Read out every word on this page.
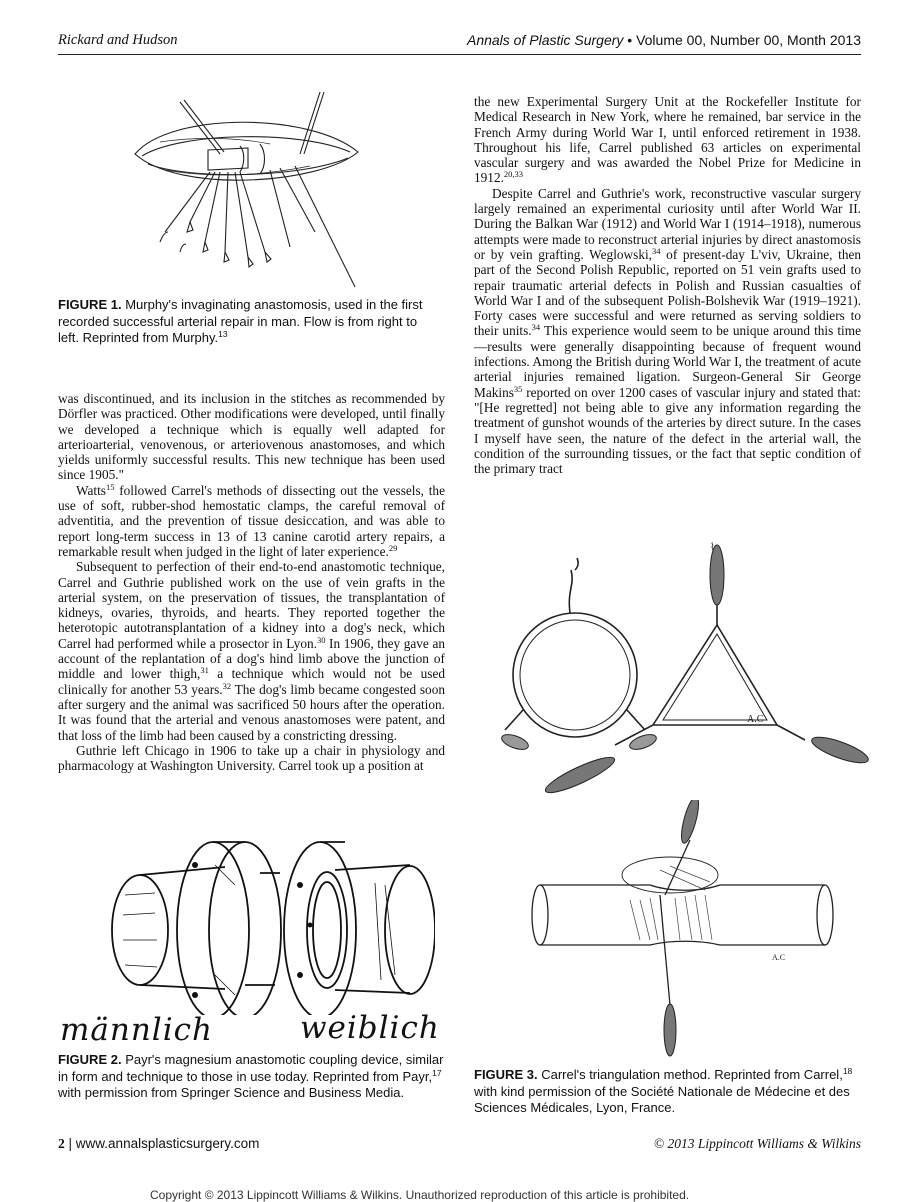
Rickard and Hudson	Annals of Plastic Surgery • Volume 00, Number 00, Month 2013
FIGURE 1. Murphy's invaginating anastomosis, used in the first recorded successful arterial repair in man. Flow is from right to left. Reprinted from Murphy.$^{13}$

was discontinued, and its inclusion in the stitches as recommended by Dörfler was practiced. Other modifications were developed, until finally we developed a technique which is equally well adapted for arterioarterial, venovenous, or arteriovenous anastomoses, and which yields uniformly successful results. This new technique has been used since 1905."

Watts$^{15}$ followed Carrel's methods of dissecting out the vessels, the use of soft, rubber-shod hemostatic clamps, the careful removal of adventitia, and the prevention of tissue desiccation, and was able to report long-term success in 13 of 13 canine carotid artery repairs, a remarkable result when judged in the light of later experience.$^{29}$

Subsequent to perfection of their end-to-end anastomotic technique, Carrel and Guthrie published work on the use of vein grafts in the arterial system, on the preservation of tissues, the transplantation of kidneys, ovaries, thyroids, and hearts. They reported together the heterotopic autotransplantation of a kidney into a dog's neck, which Carrel had performed while a prosector in Lyon.$^{30}$ In 1906, they gave an account of the replantation of a dog's hind limb above the junction of middle and lower thigh,$^{31}$ a technique which would not be used clinically for another 53 years.$^{32}$ The dog's limb became congested soon after surgery and the animal was sacrificed 50 hours after the operation. It was found that the arterial and venous anastomoses were patent, and that loss of the limb had been caused by a constricting dressing.

Guthrie left Chicago in 1906 to take up a chair in physiology and pharmacology at Washington University. Carrel took up a position at

the new Experimental Surgery Unit at the Rockefeller Institute for Medical Research in New York, where he remained, bar service in the French Army during World War I, until enforced retirement in 1938. Throughout his life, Carrel published 63 articles on experimental vascular surgery and was awarded the Nobel Prize for Medicine in 1912.$^{20,33}$

Despite Carrel and Guthrie's work, reconstructive vascular surgery largely remained an experimental curiosity until after World War II. During the Balkan War (1912) and World War I (1914–1918), numerous attempts were made to reconstruct arterial injuries by direct anastomosis or by vein grafting. Weglowski,$^{34}$ of present-day L'viv, Ukraine, then part of the Second Polish Republic, reported on 51 vein grafts used to repair traumatic arterial defects in Polish and Russian casualties of World War I and of the subsequent Polish-Bolshevik War (1919–1921). Forty cases were successful and were returned as serving soldiers to their units.$^{34}$ This experience would seem to be unique around this time—results were generally disappointing because of frequent wound infections. Among the British during World War I, the treatment of acute arterial injuries remained ligation. Surgeon-General Sir George Makins$^{35}$ reported on over 1200 cases of vascular injury and stated that: "[He regretted] not being able to give any information regarding the treatment of gunshot wounds of the arteries by direct suture. In the cases I myself have seen, the nature of the defect in the arterial wall, the condition of the surrounding tissues, or the fact that septic condition of the primary tract

⌇
A.C
männlich	weiblich
FIGURE 2. Payr's magnesium anastomotic coupling device, similar in form and technique to those in use today. Reprinted from Payr,$^{17}$ with permission from Springer Science and Business Media.
A.C
FIGURE 3. Carrel's triangulation method. Reprinted from Carrel,$^{18}$ with kind permission of the Société Nationale de Médecine et des Sciences Médicales, Lyon, France.
2 | www.annalsplasticsurgery.com	© 2013 Lippincott Williams & Wilkins
Copyright © 2013 Lippincott Williams & Wilkins. Unauthorized reproduction of this article is prohibited.
